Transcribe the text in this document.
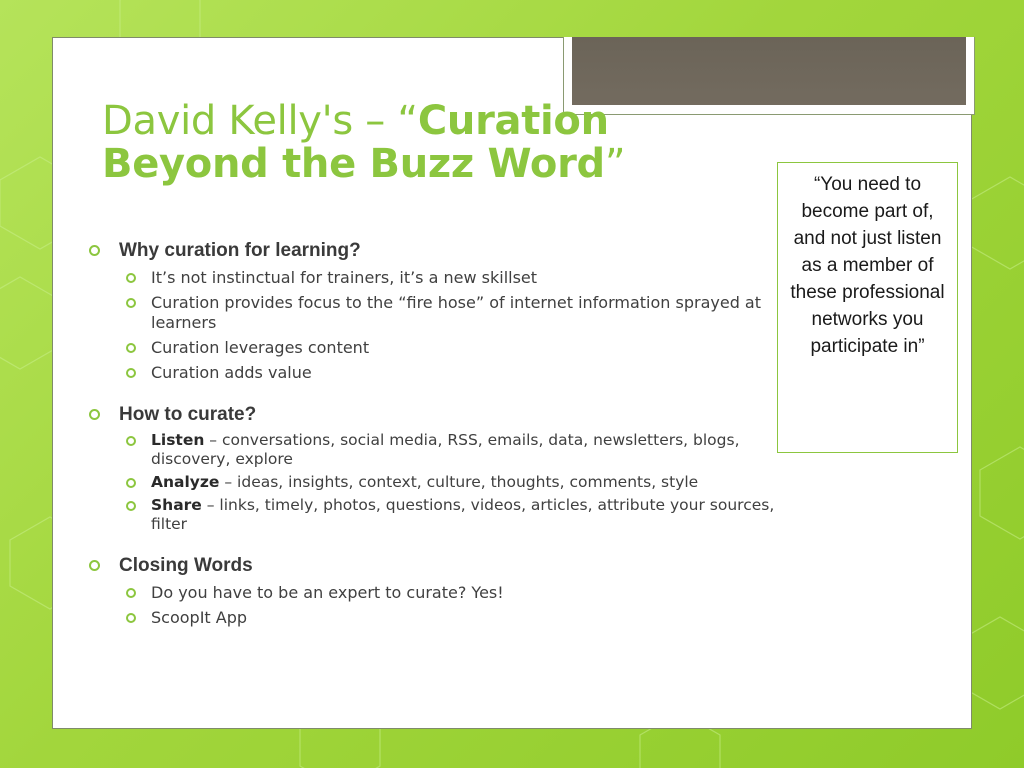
David Kelly's – “Curation Beyond the Buzz Word”	“You need to become part of, and not just listen as a member of these professional networks you participate in”
Why curation for learning?
It’s not instinctual for trainers, it’s a new skillset
Curation provides focus to the “fire hose” of internet information sprayed at learners
Curation leverages content
Curation adds value
How to curate?
Listen – conversations, social media, RSS, emails, data, newsletters, blogs, discovery, explore
Analyze – ideas, insights, context, culture, thoughts, comments, style
Share – links, timely, photos, questions, videos, articles, attribute your sources, filter
Closing Words
Do you have to be an expert to curate? Yes!
ScoopIt App
